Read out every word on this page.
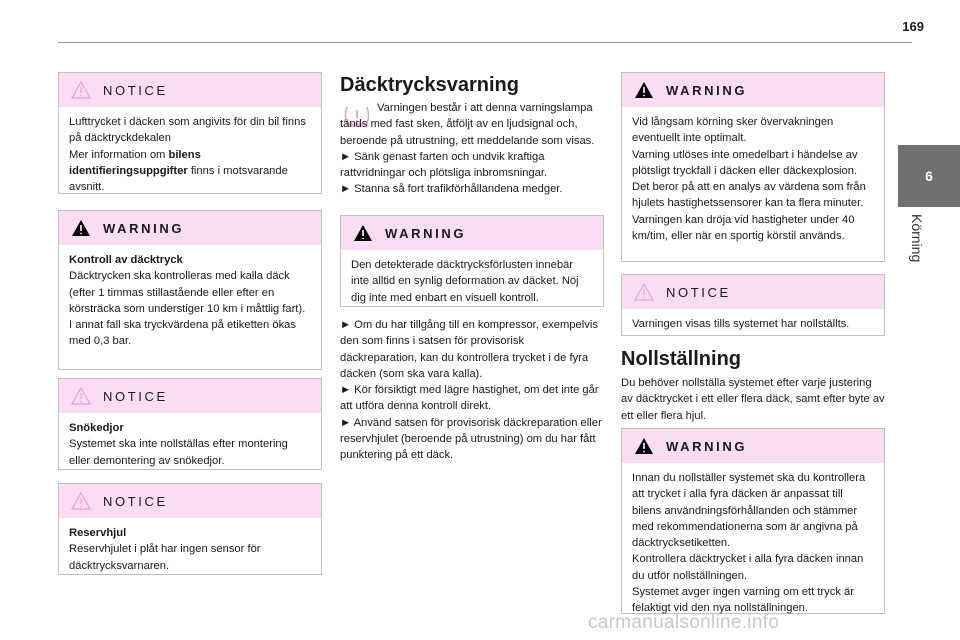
169
6
Körning
NOTICE
Lufttrycket i däcken som angivits för din bil finns på däcktryckdekalen
Mer information om bilens identifieringsuppgifter finns i motsvarande avsnitt.
WARNING
Kontroll av däcktryck
Däcktrycken ska kontrolleras med kalla däck (efter 1 timmas stillastående eller efter en körsträcka som understiger 10 km i måttlig fart).
I annat fall ska tryckvärdena på etiketten ökas med 0,3 bar.
NOTICE
Snökedjor
Systemet ska inte nollställas efter montering eller demontering av snökedjor.
NOTICE
Reservhjul
Reservhjulet i plåt har ingen sensor för däcktrycksvarnaren.
Däcktrycksvarning

Varningen består i att denna varningslampa tänds med fast sken, åtföljt av en ljudsignal och, beroende på utrustning, ett meddelande som visas.

► Sänk genast farten och undvik kraftiga rattvridningar och plötsliga inbromsningar.

► Stanna så fort trafikförhållandena medger.

WARNING

Den detekterade däcktrycksförlusten innebär inte alltid en synlig deformation av däcket. Nöj dig inte med enbart en visuell kontroll.

► Om du har tillgång till en kompressor, exempelvis den som finns i satsen för provisorisk däckreparation, kan du kontrollera trycket i de fyra däcken (som ska vara kalla).

► Kör försiktigt med lägre hastighet, om det inte går att utföra denna kontroll direkt.

► Använd satsen för provisorisk däckreparation eller reservhjulet (beroende på utrustning) om du har fått punktering på ett däck.

WARNING
Vid långsam körning sker övervakningen eventuellt inte optimalt.
Varning utlöses inte omedelbart i händelse av plötsligt tryckfall i däcken eller däckexplosion. Det beror på att en analys av värdena som från hjulets hastighetssensorer kan ta flera minuter.
Varningen kan dröja vid hastigheter under 40 km/tim, eller när en sportig körstil används.
NOTICE

Varningen visas tills systemet har nollställts.

Nollställning

Du behöver nollställa systemet efter varje justering av däcktrycket i ett eller flera däck, samt efter byte av ett eller flera hjul.

WARNING
Innan du nollställer systemet ska du kontrollera att trycket i alla fyra däcken är anpassat till bilens användningsförhållanden och stämmer med rekommendationerna som är angivna på däcktrycksetiketten.
Kontrollera däcktrycket i alla fyra däcken innan du utför nollställningen.
Systemet avger ingen varning om ett tryck är felaktigt vid den nya nollställningen.
carmanualsonline.info
